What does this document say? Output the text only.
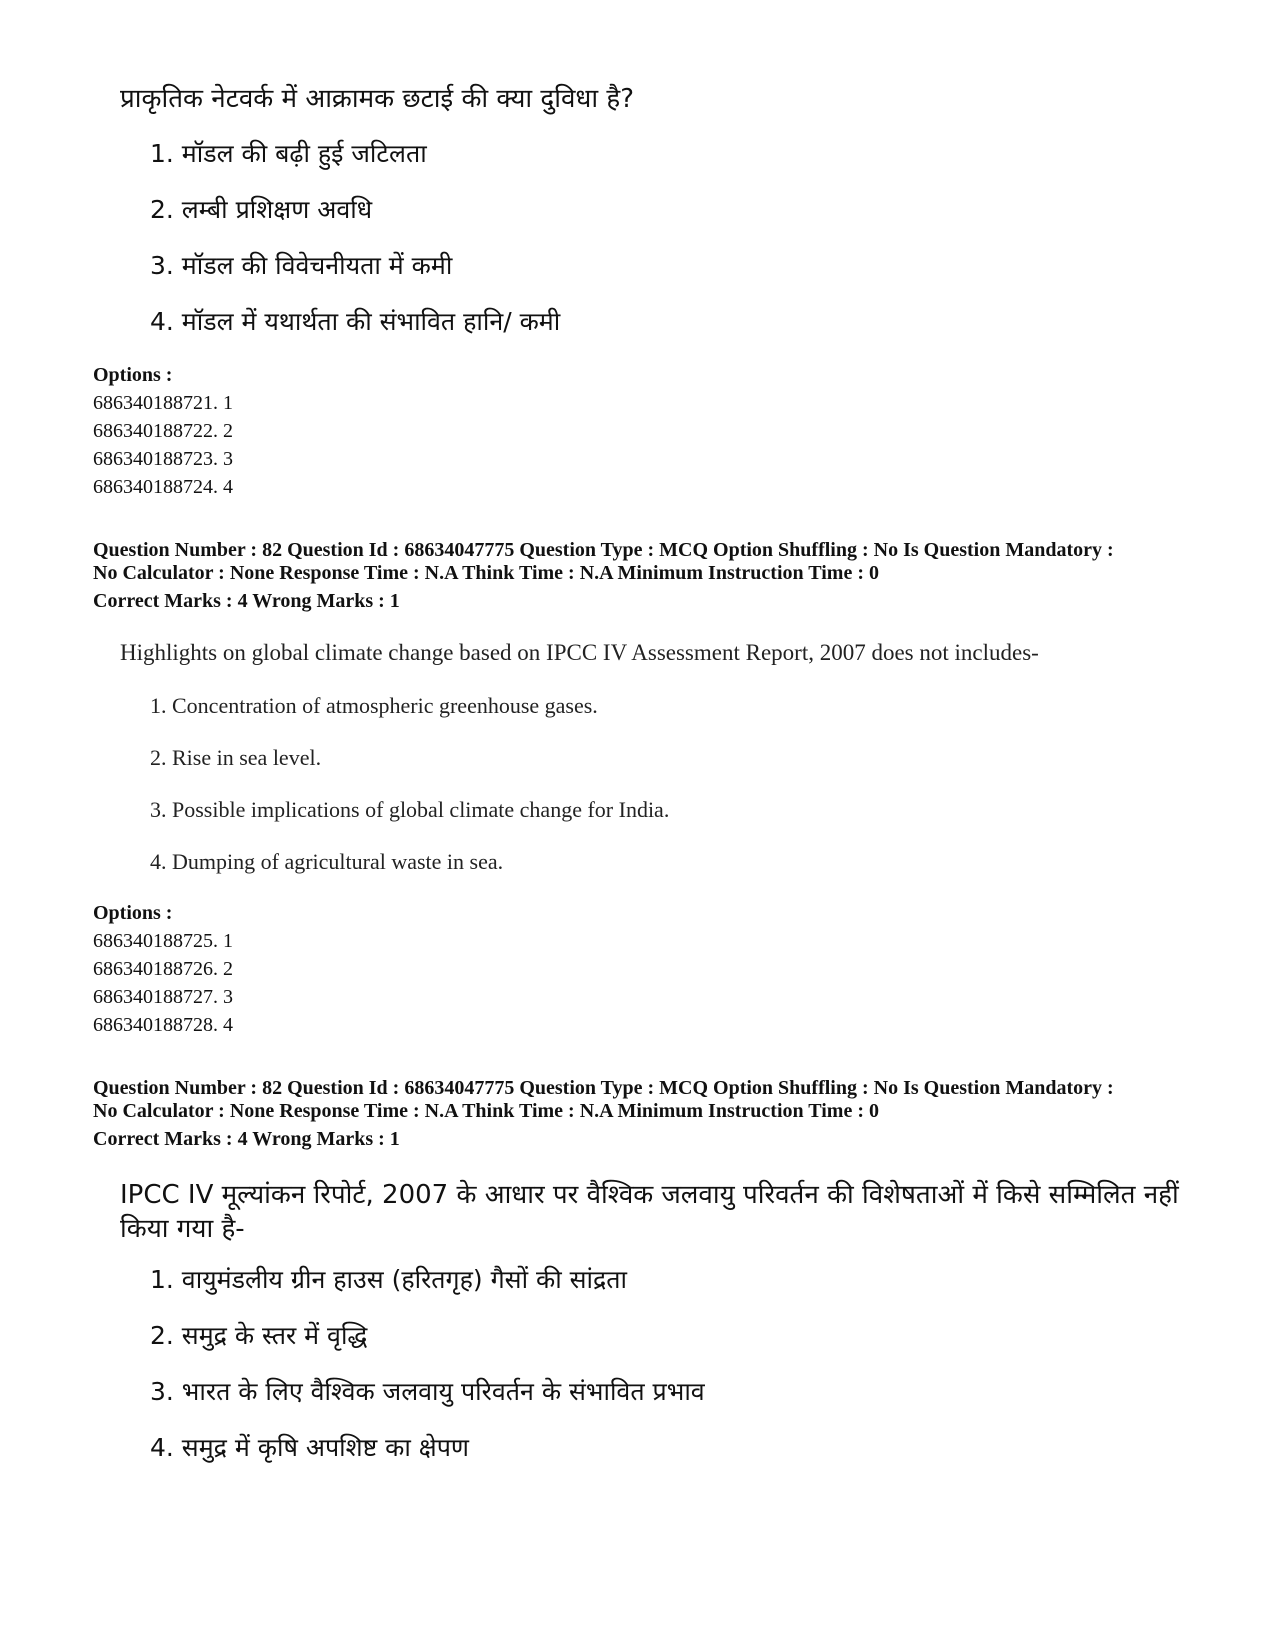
प्राकृतिक नेटवर्क में आक्रामक छटाई की क्या दुविधा है?
1. मॉडल की बढ़ी हुई जटिलता
2. लम्बी प्रशिक्षण अवधि
3. मॉडल की विवेचनीयता में कमी
4. मॉडल में यथार्थता की संभावित हानि/ कमी
Options :
686340188721. 1
686340188722. 2
686340188723. 3
686340188724. 4
Question Number : 82 Question Id : 68634047775 Question Type : MCQ Option Shuffling : No Is Question Mandatory :
No Calculator : None Response Time : N.A Think Time : N.A Minimum Instruction Time : 0
Correct Marks : 4 Wrong Marks : 1
Highlights on global climate change based on IPCC IV Assessment Report, 2007 does not includes-
1. Concentration of atmospheric greenhouse gases.
2. Rise in sea level.
3. Possible implications of global climate change for India.
4. Dumping of agricultural waste in sea.
Options :
686340188725. 1
686340188726. 2
686340188727. 3
686340188728. 4
Question Number : 82 Question Id : 68634047775 Question Type : MCQ Option Shuffling : No Is Question Mandatory :
No Calculator : None Response Time : N.A Think Time : N.A Minimum Instruction Time : 0
Correct Marks : 4 Wrong Marks : 1
IPCC IV मूल्यांकन रिपोर्ट, 2007 के आधार पर वैश्विक जलवायु परिवर्तन की विशेषताओं में किसे सम्मिलित नहीं किया गया है-
1. वायुमंडलीय ग्रीन हाउस (हरितगृह) गैसों की सांद्रता
2. समुद्र के स्तर में वृद्धि
3. भारत के लिए वैश्विक जलवायु परिवर्तन के संभावित प्रभाव
4. समुद्र में कृषि अपशिष्ट का क्षेपण
